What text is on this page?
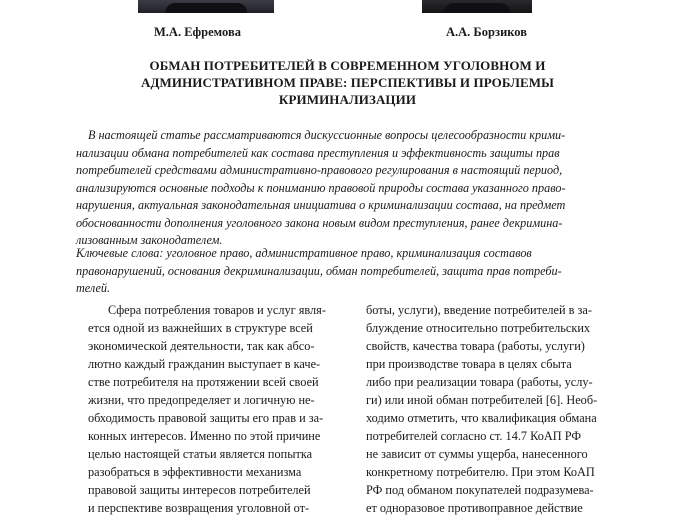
М.А. Ефремова	А.А. Борзиков
ОБМАН ПОТРЕБИТЕЛЕЙ В СОВРЕМЕННОМ УГОЛОВНОМ И
АДМИНИСТРАТИВНОМ ПРАВЕ: ПЕРСПЕКТИВЫ И ПРОБЛЕМЫ
КРИМИНАЛИЗАЦИИ
В настоящей статье рассматриваются дискуссионные вопросы целесообразности крими-
нализации обмана потребителей как состава преступления и эффективность защиты прав
потребителей средствами административно-правового регулирования в настоящий период,
анализируются основные подходы к пониманию правовой природы состава указанного право-
нарушения, актуальная законодательная инициатива о криминализации состава, на предмет
обоснованности дополнения уголовного закона новым видом преступления, ранее декримина-
лизованным законодателем.
Ключевые слова: уголовное право, административное право, криминализация составов
правонарушений, основания декриминализации, обман потребителей, защита прав потреби-
телей.
Сфера потребления товаров и услуг явля-
ется одной из важнейших в структуре всей
экономической деятельности, так как абсо-
лютно каждый гражданин выступает в каче-
стве потребителя на протяжении всей своей
жизни, что предопределяет и логичную не-
обходимость правовой защиты его прав и за-
конных интересов. Именно по этой причине
целью настоящей статьи является попытка
разобраться в эффективности механизма
правовой защиты интересов потребителей
и перспективе возвращения уголовной от-
боты, услуги), введение потребителей в за-
блуждение относительно потребительских
свойств, качества товара (работы, услуги)
при производстве товара в целях сбыта
либо при реализации товара (работы, услу-
ги) или иной обман потребителей [6]. Необ-
ходимо отметить, что квалификация обмана
потребителей согласно ст. 14.7 КоАП РФ
не зависит от суммы ущерба, нанесенного
конкретному потребителю. При этом КоАП
РФ под обманом покупателей подразумева-
ет одноразовое противоправное действие
